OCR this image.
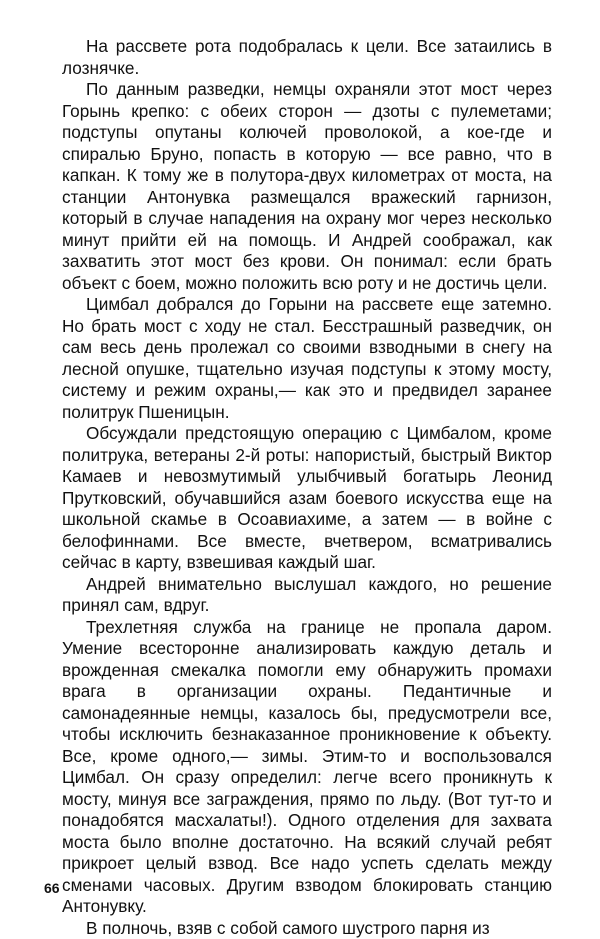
На рассвете рота подобралась к цели. Все затаились в лознячке.

По данным разведки, немцы охраняли этот мост через Горынь крепко: с обеих сторон — дзоты с пулеметами; подступы опутаны колючей проволокой, а кое-где и спиралью Бруно, попасть в которую — все равно, что в капкан. К тому же в полутора-двух километрах от моста, на станции Антонувка размещался вражеский гарнизон, который в случае нападения на охрану мог через несколько минут прийти ей на помощь. И Андрей соображал, как захватить этот мост без крови. Он понимал: если брать объект с боем, можно положить всю роту и не достичь цели.

Цимбал добрался до Горыни на рассвете еще затемно. Но брать мост с ходу не стал. Бесстрашный разведчик, он сам весь день пролежал со своими взводными в снегу на лесной опушке, тщательно изучая подступы к этому мосту, систему и режим охраны,— как это и предвидел заранее политрук Пшеницын.

Обсуждали предстоящую операцию с Цимбалом, кроме политрука, ветераны 2-й роты: напористый, быстрый Виктор Камаев и невозмутимый улыбчивый богатырь Леонид Прутковский, обучавшийся азам боевого искусства еще на школьной скамье в Осоавиахиме, а затем — в войне с белофиннами. Все вместе, вчетвером, всматривались сейчас в карту, взвешивая каждый шаг.

Андрей внимательно выслушал каждого, но решение принял сам, вдруг.

Трехлетняя служба на границе не пропала даром. Умение всесторонне анализировать каждую деталь и врожденная смекалка помогли ему обнаружить промахи врага в организации охраны. Педантичные и самонадеянные немцы, казалось бы, предусмотрели все, чтобы исключить безнаказанное проникновение к объекту. Все, кроме одного,— зимы. Этим-то и воспользовался Цимбал. Он сразу определил: легче всего проникнуть к мосту, минуя все заграждения, прямо по льду. (Вот тут-то и понадобятся масхалаты!). Одного отделения для захвата моста было вполне достаточно. На всякий случай ребят прикроет целый взвод. Все надо успеть сделать между сменами часовых. Другим взводом блокировать станцию Антонувку.

В полночь, взяв с собой самого шустрого парня из

66
